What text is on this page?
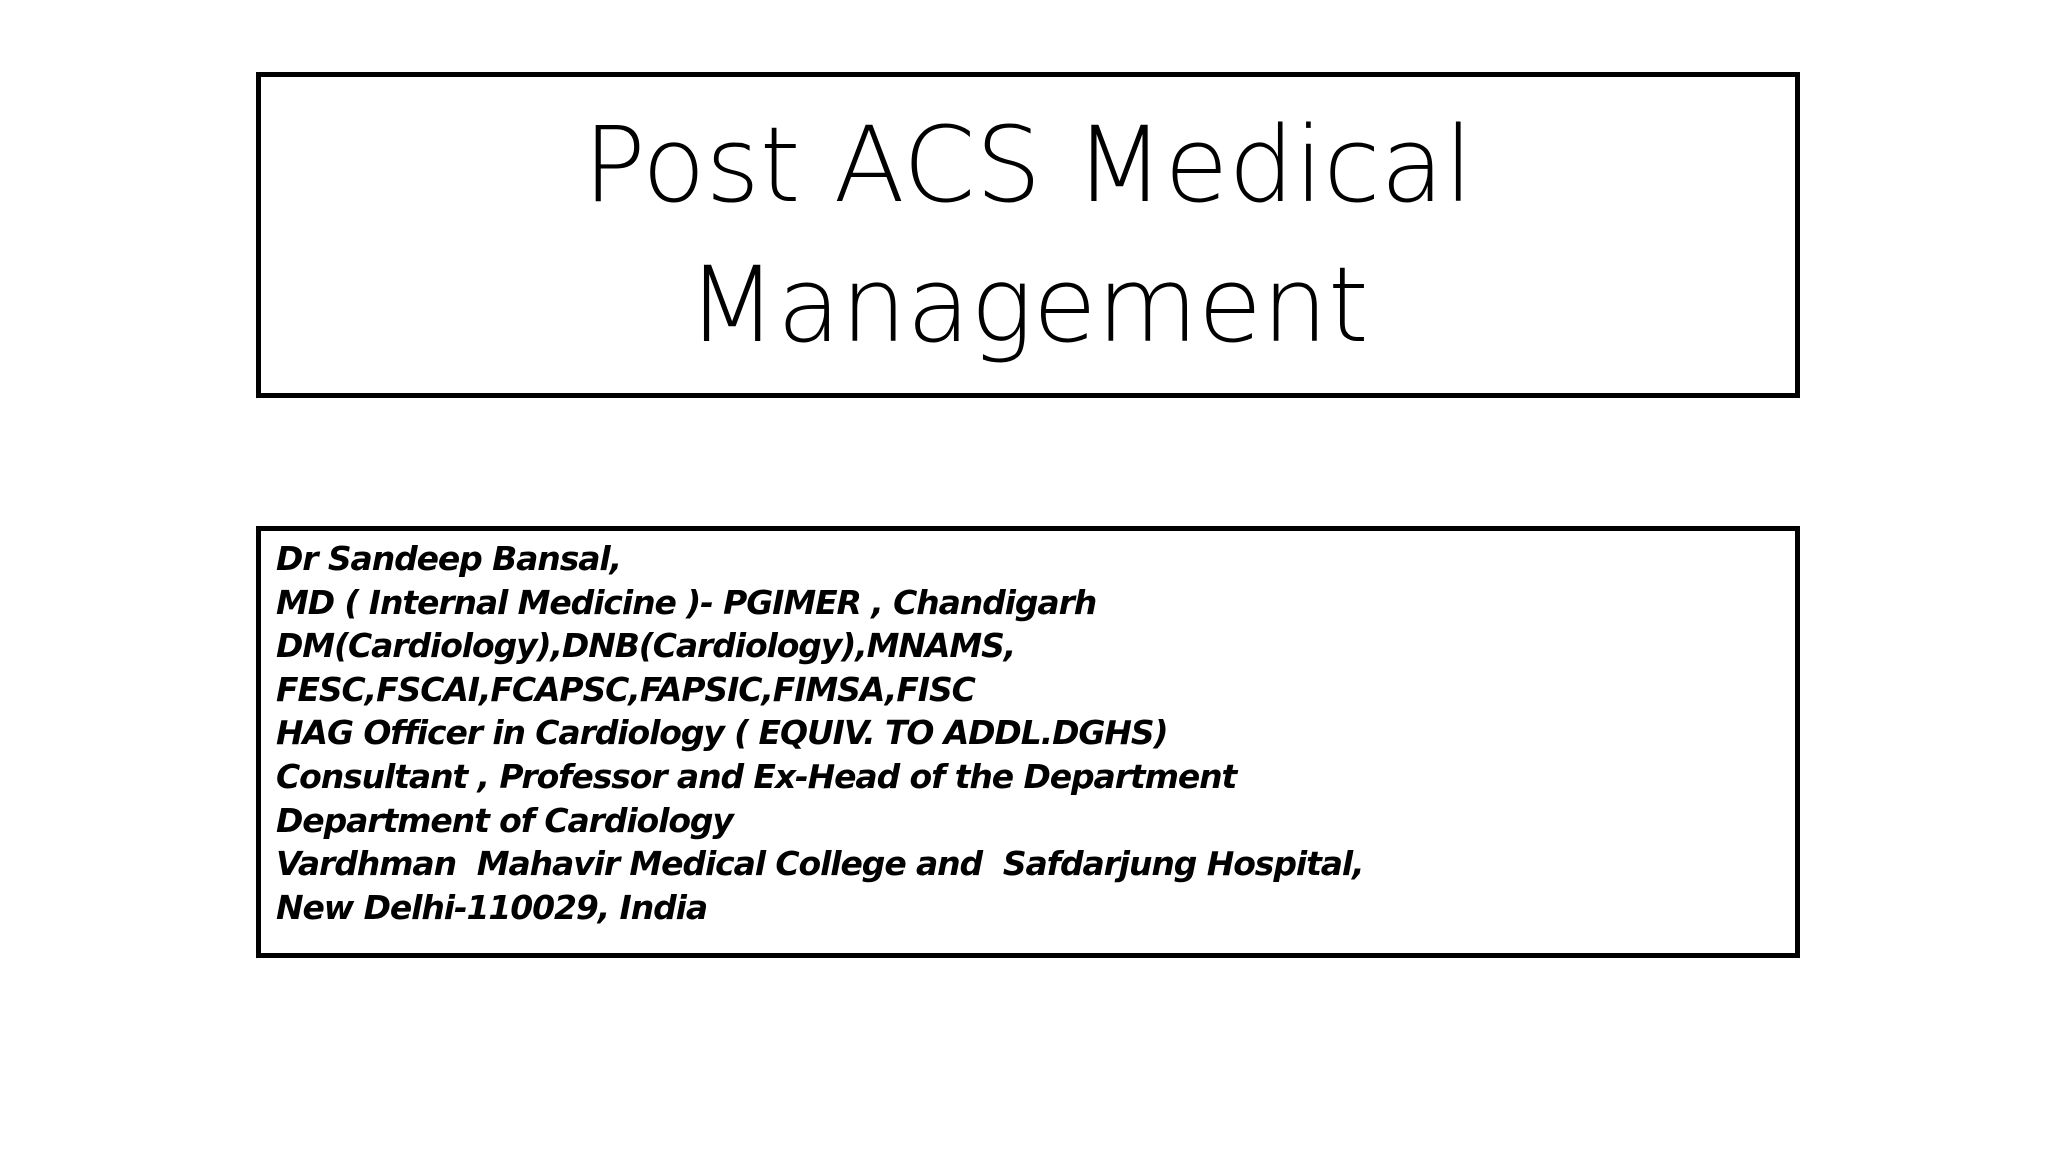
Post ACS Medical
Management
Dr Sandeep Bansal,
MD ( Internal Medicine )- PGIMER , Chandigarh
DM(Cardiology),DNB(Cardiology),MNAMS,
FESC,FSCAI,FCAPSC,FAPSIC,FIMSA,FISC
HAG Officer in Cardiology ( EQUIV. TO ADDL.DGHS)
Consultant , Professor and Ex-Head of the Department
Department of Cardiology
Vardhman  Mahavir Medical College and  Safdarjung Hospital,
New Delhi-110029, India
